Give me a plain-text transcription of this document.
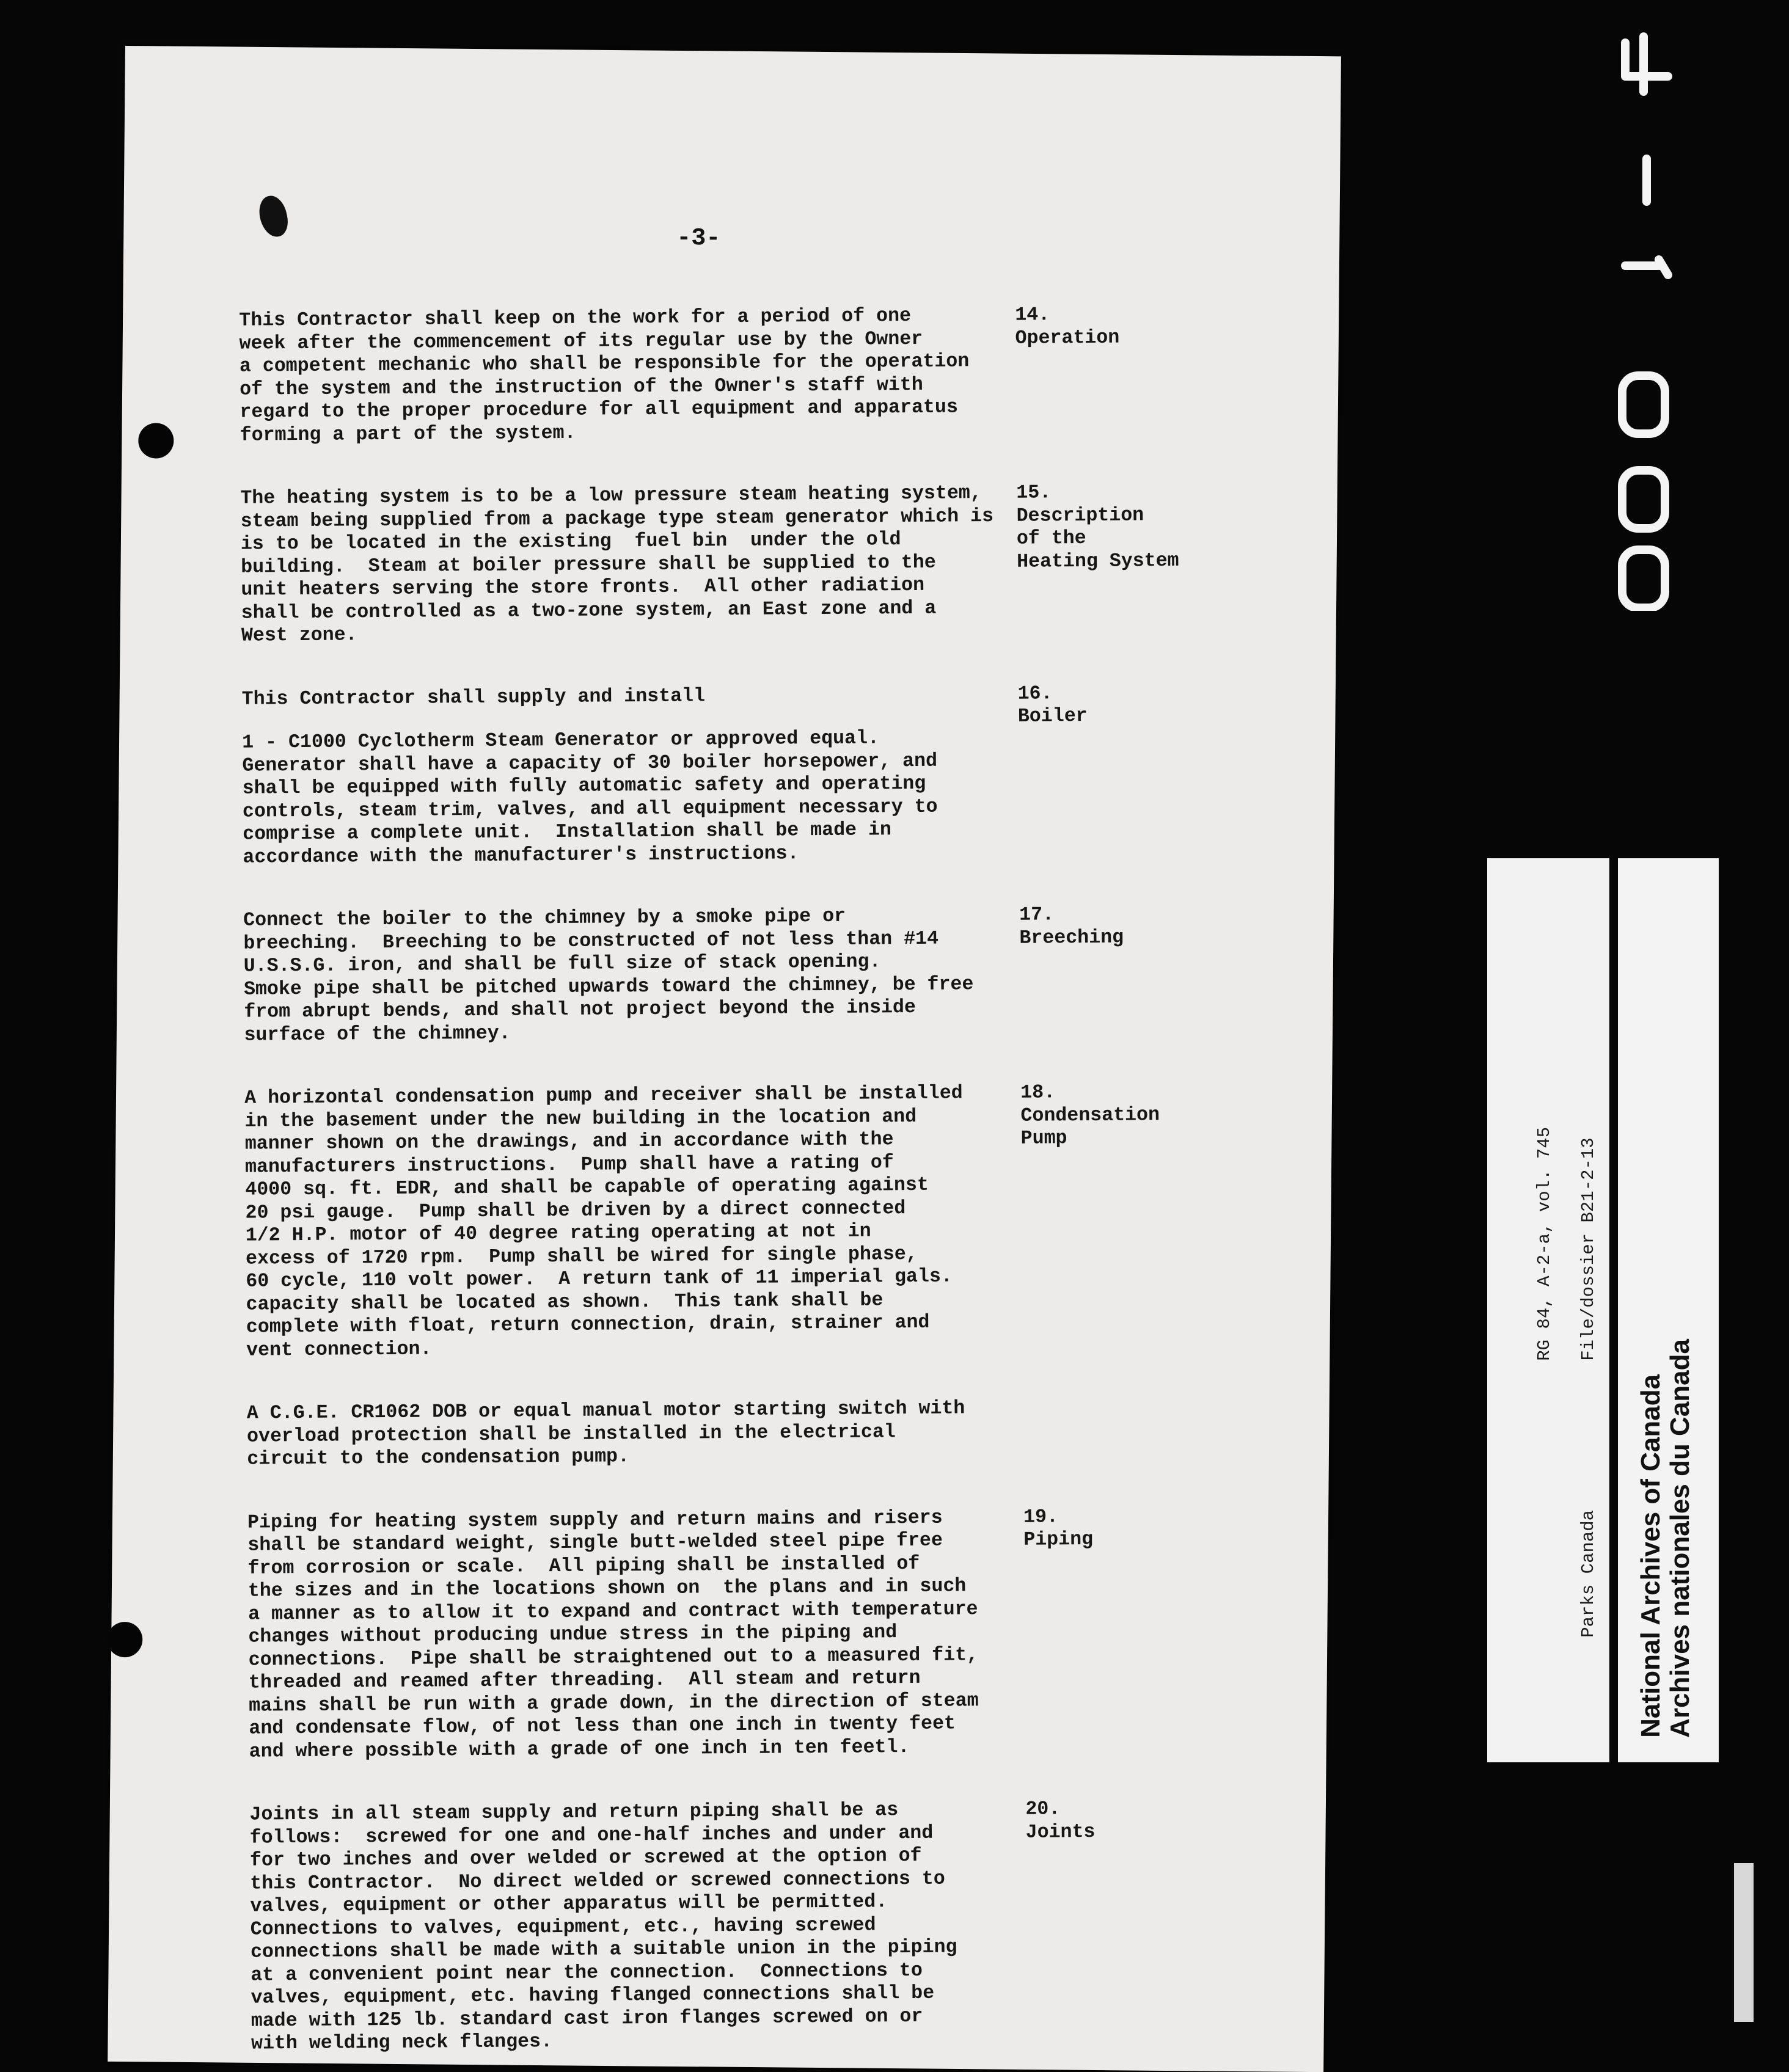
-3-
This Contractor shall keep on the work for a period of one
week after the commencement of its regular use by the Owner
a competent mechanic who shall be responsible for the operation
of the system and the instruction of the Owner's staff with
regard to the proper procedure for all equipment and apparatus
forming a part of the system.
14.
Operation
The heating system is to be a low pressure steam heating system,
steam being supplied from a package type steam generator which is
is to be located in the existing  fuel bin  under the old
building.  Steam at boiler pressure shall be supplied to the
unit heaters serving the store fronts.  All other radiation
shall be controlled as a two-zone system, an East zone and a
West zone.
15.
Description
of the
Heating System
This Contractor shall supply and install
1 - C1000 Cyclotherm Steam Generator or approved equal.
Generator shall have a capacity of 30 boiler horsepower, and
shall be equipped with fully automatic safety and operating
controls, steam trim, valves, and all equipment necessary to
comprise a complete unit.  Installation shall be made in
accordance with the manufacturer's instructions.
16.
Boiler
Connect the boiler to the chimney by a smoke pipe or
breeching.  Breeching to be constructed of not less than #14
U.S.S.G. iron, and shall be full size of stack opening.
Smoke pipe shall be pitched upwards toward the chimney, be free
from abrupt bends, and shall not project beyond the inside
surface of the chimney.
17.
Breeching
A horizontal condensation pump and receiver shall be installed
in the basement under the new building in the location and
manner shown on the drawings, and in accordance with the
manufacturers instructions.  Pump shall have a rating of
4000 sq. ft. EDR, and shall be capable of operating against
20 psi gauge.  Pump shall be driven by a direct connected
1/2 H.P. motor of 40 degree rating operating at not in
excess of 1720 rpm.  Pump shall be wired for single phase,
60 cycle, 110 volt power.  A return tank of 11 imperial gals.
capacity shall be located as shown.  This tank shall be
complete with float, return connection, drain, strainer and
vent connection.
18.
Condensation
Pump
A C.G.E. CR1062 DOB or equal manual motor starting switch with
overload protection shall be installed in the electrical
circuit to the condensation pump.
Piping for heating system supply and return mains and risers
shall be standard weight, single butt-welded steel pipe free
from corrosion or scale.  All piping shall be installed of
the sizes and in the locations shown on  the plans and in such
a manner as to allow it to expand and contract with temperature
changes without producing undue stress in the piping and
connections.  Pipe shall be straightened out to a measured fit,
threaded and reamed after threading.  All steam and return
mains shall be run with a grade down, in the direction of steam
and condensate flow, of not less than one inch in twenty feet
and where possible with a grade of one inch in ten feetl.
19.
Piping
Joints in all steam supply and return piping shall be as
follows:  screwed for one and one-half inches and under and
for two inches and over welded or screwed at the option of
this Contractor.  No direct welded or screwed connections to
valves, equipment or other apparatus will be permitted.
Connections to valves, equipment, etc., having screwed
connections shall be made with a suitable union in the piping
at a convenient point near the connection.  Connections to
valves, equipment, etc. having flanged connections shall be
made with 125 lb. standard cast iron flanges screwed on or
with welding neck flanges.
20.
Joints

Parks Canada

RG 84, A-2-a, vol. 745 File/dossier B21-2-13

National Archives of Canada Archives nationales du Canada
